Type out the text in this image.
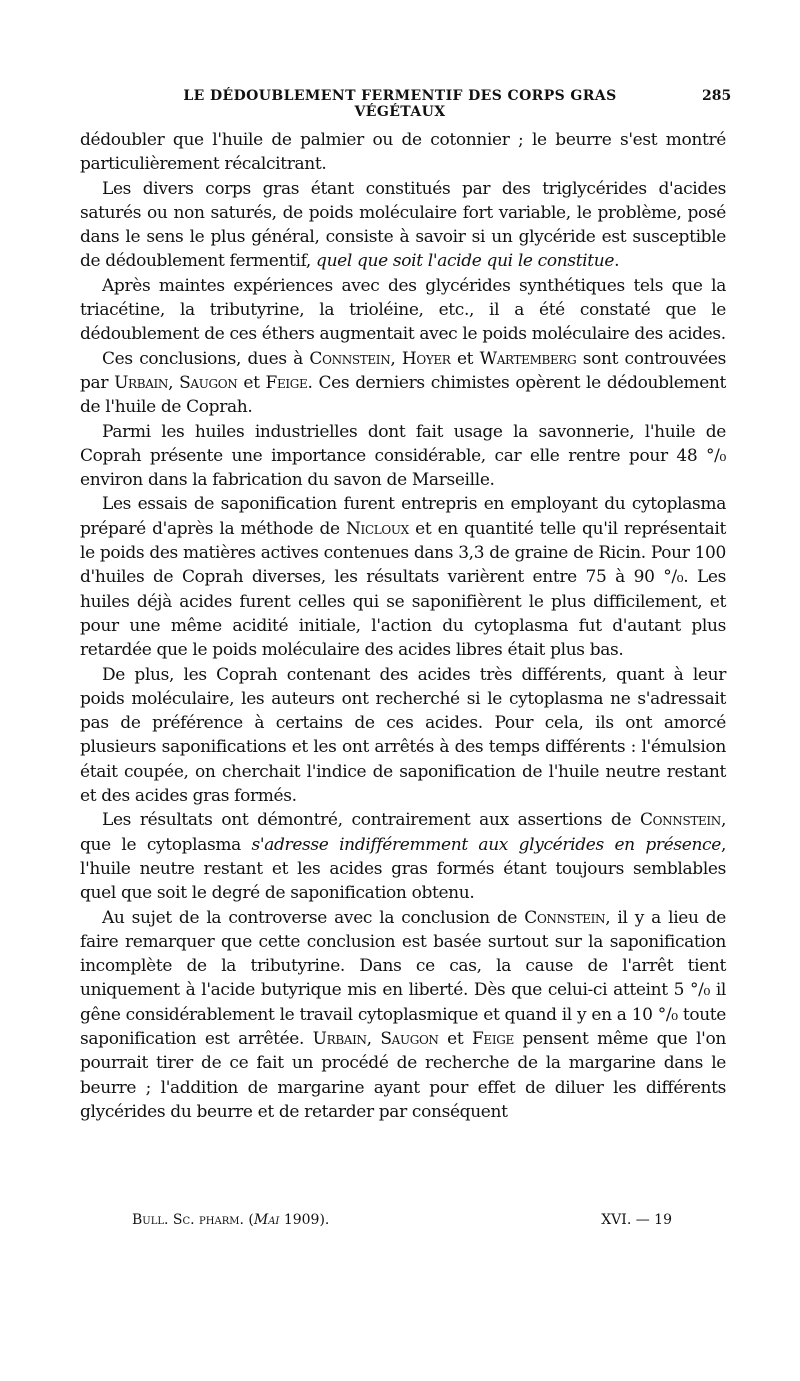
LE DÉDOUBLEMENT FERMENTIF DES CORPS GRAS VÉGÉTAUX
285

dédoubler que l'huile de palmier ou de cotonnier ; le beurre s'est montré particulièrement récalcitrant.

Les divers corps gras étant constitués par des triglycérides d'acides saturés ou non saturés, de poids moléculaire fort variable, le problème, posé dans le sens le plus général, consiste à savoir si un glycéride est susceptible de dédoublement fermentif, quel que soit l'acide qui le constitue.

Après maintes expériences avec des glycérides synthétiques tels que la triacétine, la tributyrine, la trioléine, etc., il a été constaté que le dédoublement de ces éthers augmentait avec le poids moléculaire des acides.

Ces conclusions, dues à Connstein, Hoyer et Wartemberg sont controuvées par Urbain, Saugon et Feige. Ces derniers chimistes opèrent le dédoublement de l'huile de Coprah.

Parmi les huiles industrielles dont fait usage la savonnerie, l'huile de Coprah présente une importance considérable, car elle rentre pour 48 °/₀ environ dans la fabrication du savon de Marseille.

Les essais de saponification furent entrepris en employant du cytoplasma préparé d'après la méthode de Nicloux et en quantité telle qu'il représentait le poids des matières actives contenues dans 3,3 de graine de Ricin. Pour 100 d'huiles de Coprah diverses, les résultats varièrent entre 75 à 90 °/₀. Les huiles déjà acides furent celles qui se saponifièrent le plus difficilement, et pour une même acidité initiale, l'action du cytoplasma fut d'autant plus retardée que le poids moléculaire des acides libres était plus bas.

De plus, les Coprah contenant des acides très différents, quant à leur poids moléculaire, les auteurs ont recherché si le cytoplasma ne s'adressait pas de préférence à certains de ces acides. Pour cela, ils ont amorcé plusieurs saponifications et les ont arrêtés à des temps différents : l'émulsion était coupée, on cherchait l'indice de saponification de l'huile neutre restant et des acides gras formés.

Les résultats ont démontré, contrairement aux assertions de Connstein, que le cytoplasma s'adresse indifféremment aux glycérides en présence, l'huile neutre restant et les acides gras formés étant toujours semblables quel que soit le degré de saponification obtenu.

Au sujet de la controverse avec la conclusion de Connstein, il y a lieu de faire remarquer que cette conclusion est basée surtout sur la saponification incomplète de la tributyrine. Dans ce cas, la cause de l'arrêt tient uniquement à l'acide butyrique mis en liberté. Dès que celui-ci atteint 5 °/₀ il gêne considérablement le travail cytoplasmique et quand il y en a 10 °/₀ toute saponification est arrêtée. Urbain, Saugon et Feige pensent même que l'on pourrait tirer de ce fait un procédé de recherche de la margarine dans le beurre ; l'addition de margarine ayant pour effet de diluer les différents glycérides du beurre et de retarder par conséquent

Bull. Sc. pharm. (Mai 1909).	XVI. — 19
